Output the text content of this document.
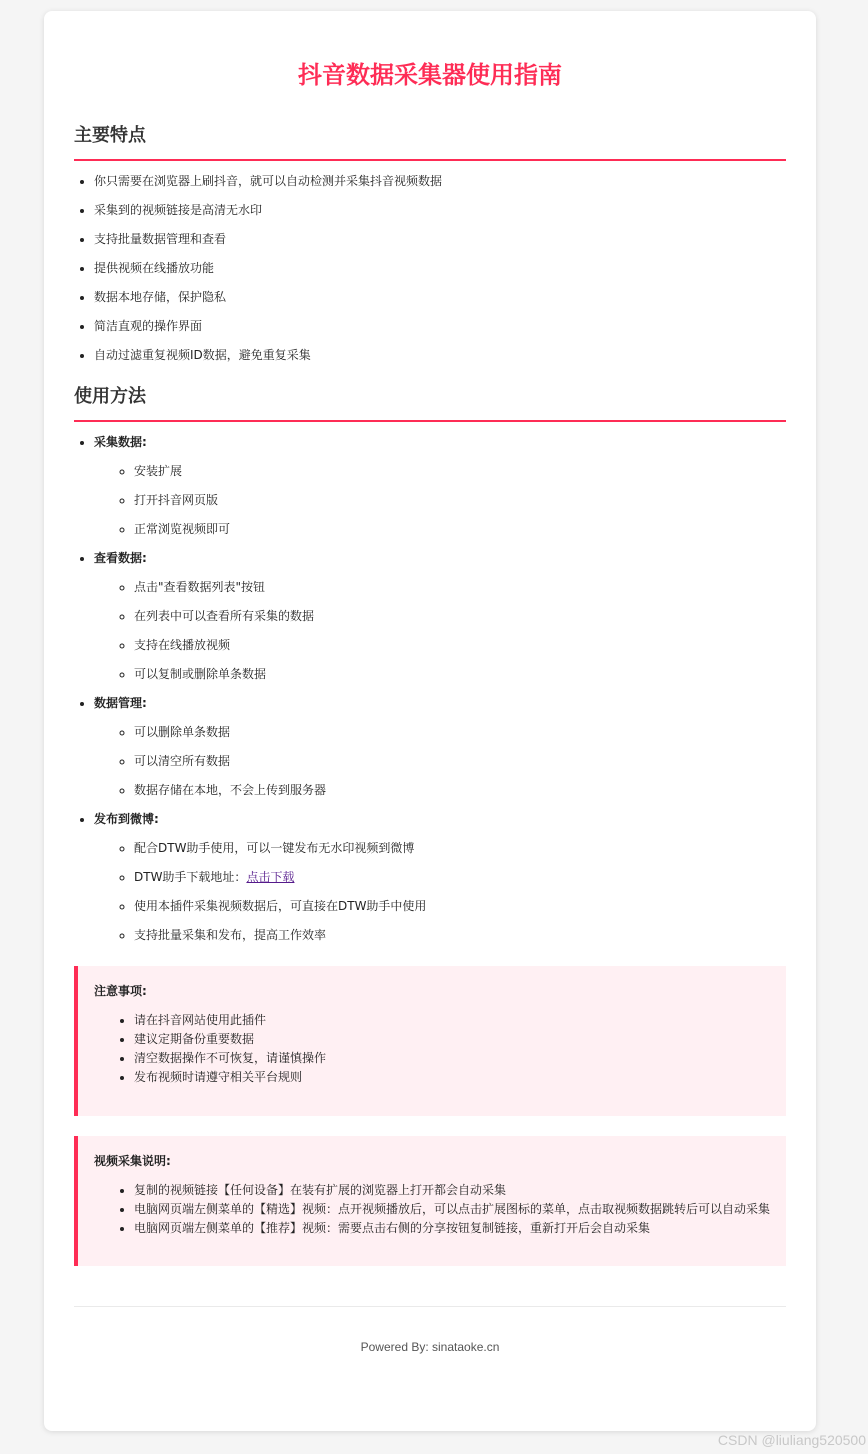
抖音数据采集器使用指南
主要特点
• 你只需要在浏览器上刷抖音，就可以自动检测并采集抖音视频数据
• 采集到的视频链接是高清无水印
• 支持批量数据管理和查看
• 提供视频在线播放功能
• 数据本地存储，保护隐私
• 简洁直观的操作界面
• 自动过滤重复视频ID数据，避免重复采集
使用方法
• 采集数据:
◦ 安装扩展
◦ 打开抖音网页版
◦ 正常浏览视频即可
• 查看数据:
◦ 点击"查看数据列表"按钮
◦ 在列表中可以查看所有采集的数据
◦ 支持在线播放视频
◦ 可以复制或删除单条数据
• 数据管理:
◦ 可以删除单条数据
◦ 可以清空所有数据
◦ 数据存储在本地，不会上传到服务器
• 发布到微博:
◦ 配合DTW助手使用，可以一键发布无水印视频到微博
◦ DTW助手下载地址：点击下载
◦ 使用本插件采集视频数据后，可直接在DTW助手中使用
◦ 支持批量采集和发布，提高工作效率
注意事项:
• 请在抖音网站使用此插件
• 建议定期备份重要数据
• 清空数据操作不可恢复，请谨慎操作
• 发布视频时请遵守相关平台规则
视频采集说明:
• 复制的视频链接【任何设备】在装有扩展的浏览器上打开都会自动采集
• 电脑网页端左侧菜单的【精选】视频：点开视频播放后，可以点击扩展图标的菜单，点击取视频数据跳转后可以自动采集
• 电脑网页端左侧菜单的【推荐】视频：需要点击右侧的分享按钮复制链接，重新打开后会自动采集
Powered By: sinataoke.cn
CSDN @liuliang520500
